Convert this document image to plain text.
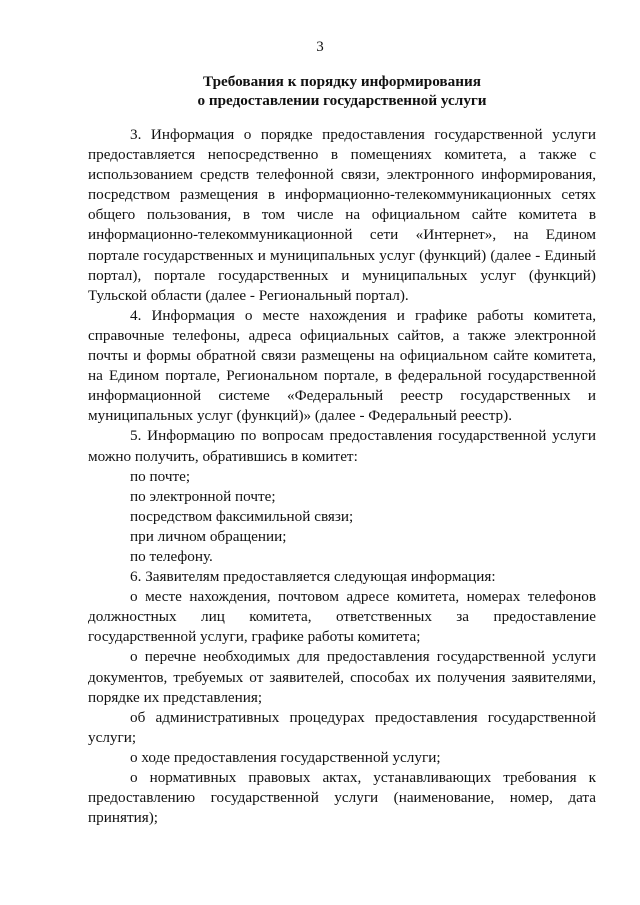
3
Требования к порядку информирования
о предоставлении государственной услуги

3. Информация о порядке предоставления государственной услуги предоставляется непосредственно в помещениях комитета, а также с использованием средств телефонной связи, электронного информирования, посредством размещения в информационно-телекоммуникационных сетях общего пользования, в том числе на официальном сайте комитета в информационно-телекоммуникационной сети «Интернет», на Едином портале государственных и муниципальных услуг (функций) (далее - Единый портал), портале государственных и муниципальных услуг (функций) Тульской области (далее - Региональный портал).

4. Информация о месте нахождения и графике работы комитета, справочные телефоны, адреса официальных сайтов, а также электронной почты и формы обратной связи размещены на официальном сайте комитета, на Едином портале, Региональном портале, в федеральной государственной информационной системе «Федеральный реестр государственных и муниципальных услуг (функций)» (далее - Федеральный реестр).

5. Информацию по вопросам предоставления государственной услуги можно получить, обратившись в комитет:

по почте;

по электронной почте;

посредством факсимильной связи;

при личном обращении;

по телефону.

6. Заявителям предоставляется следующая информация:

о месте нахождения, почтовом адресе комитета, номерах телефонов должностных лиц комитета, ответственных за предоставление государственной услуги, графике работы комитета;

о перечне необходимых для предоставления государственной услуги документов, требуемых от заявителей, способах их получения заявителями, порядке их представления;

об административных процедурах предоставления государственной услуги;

о ходе предоставления государственной услуги;

о нормативных правовых актах, устанавливающих требования к предоставлению государственной услуги (наименование, номер, дата принятия);
